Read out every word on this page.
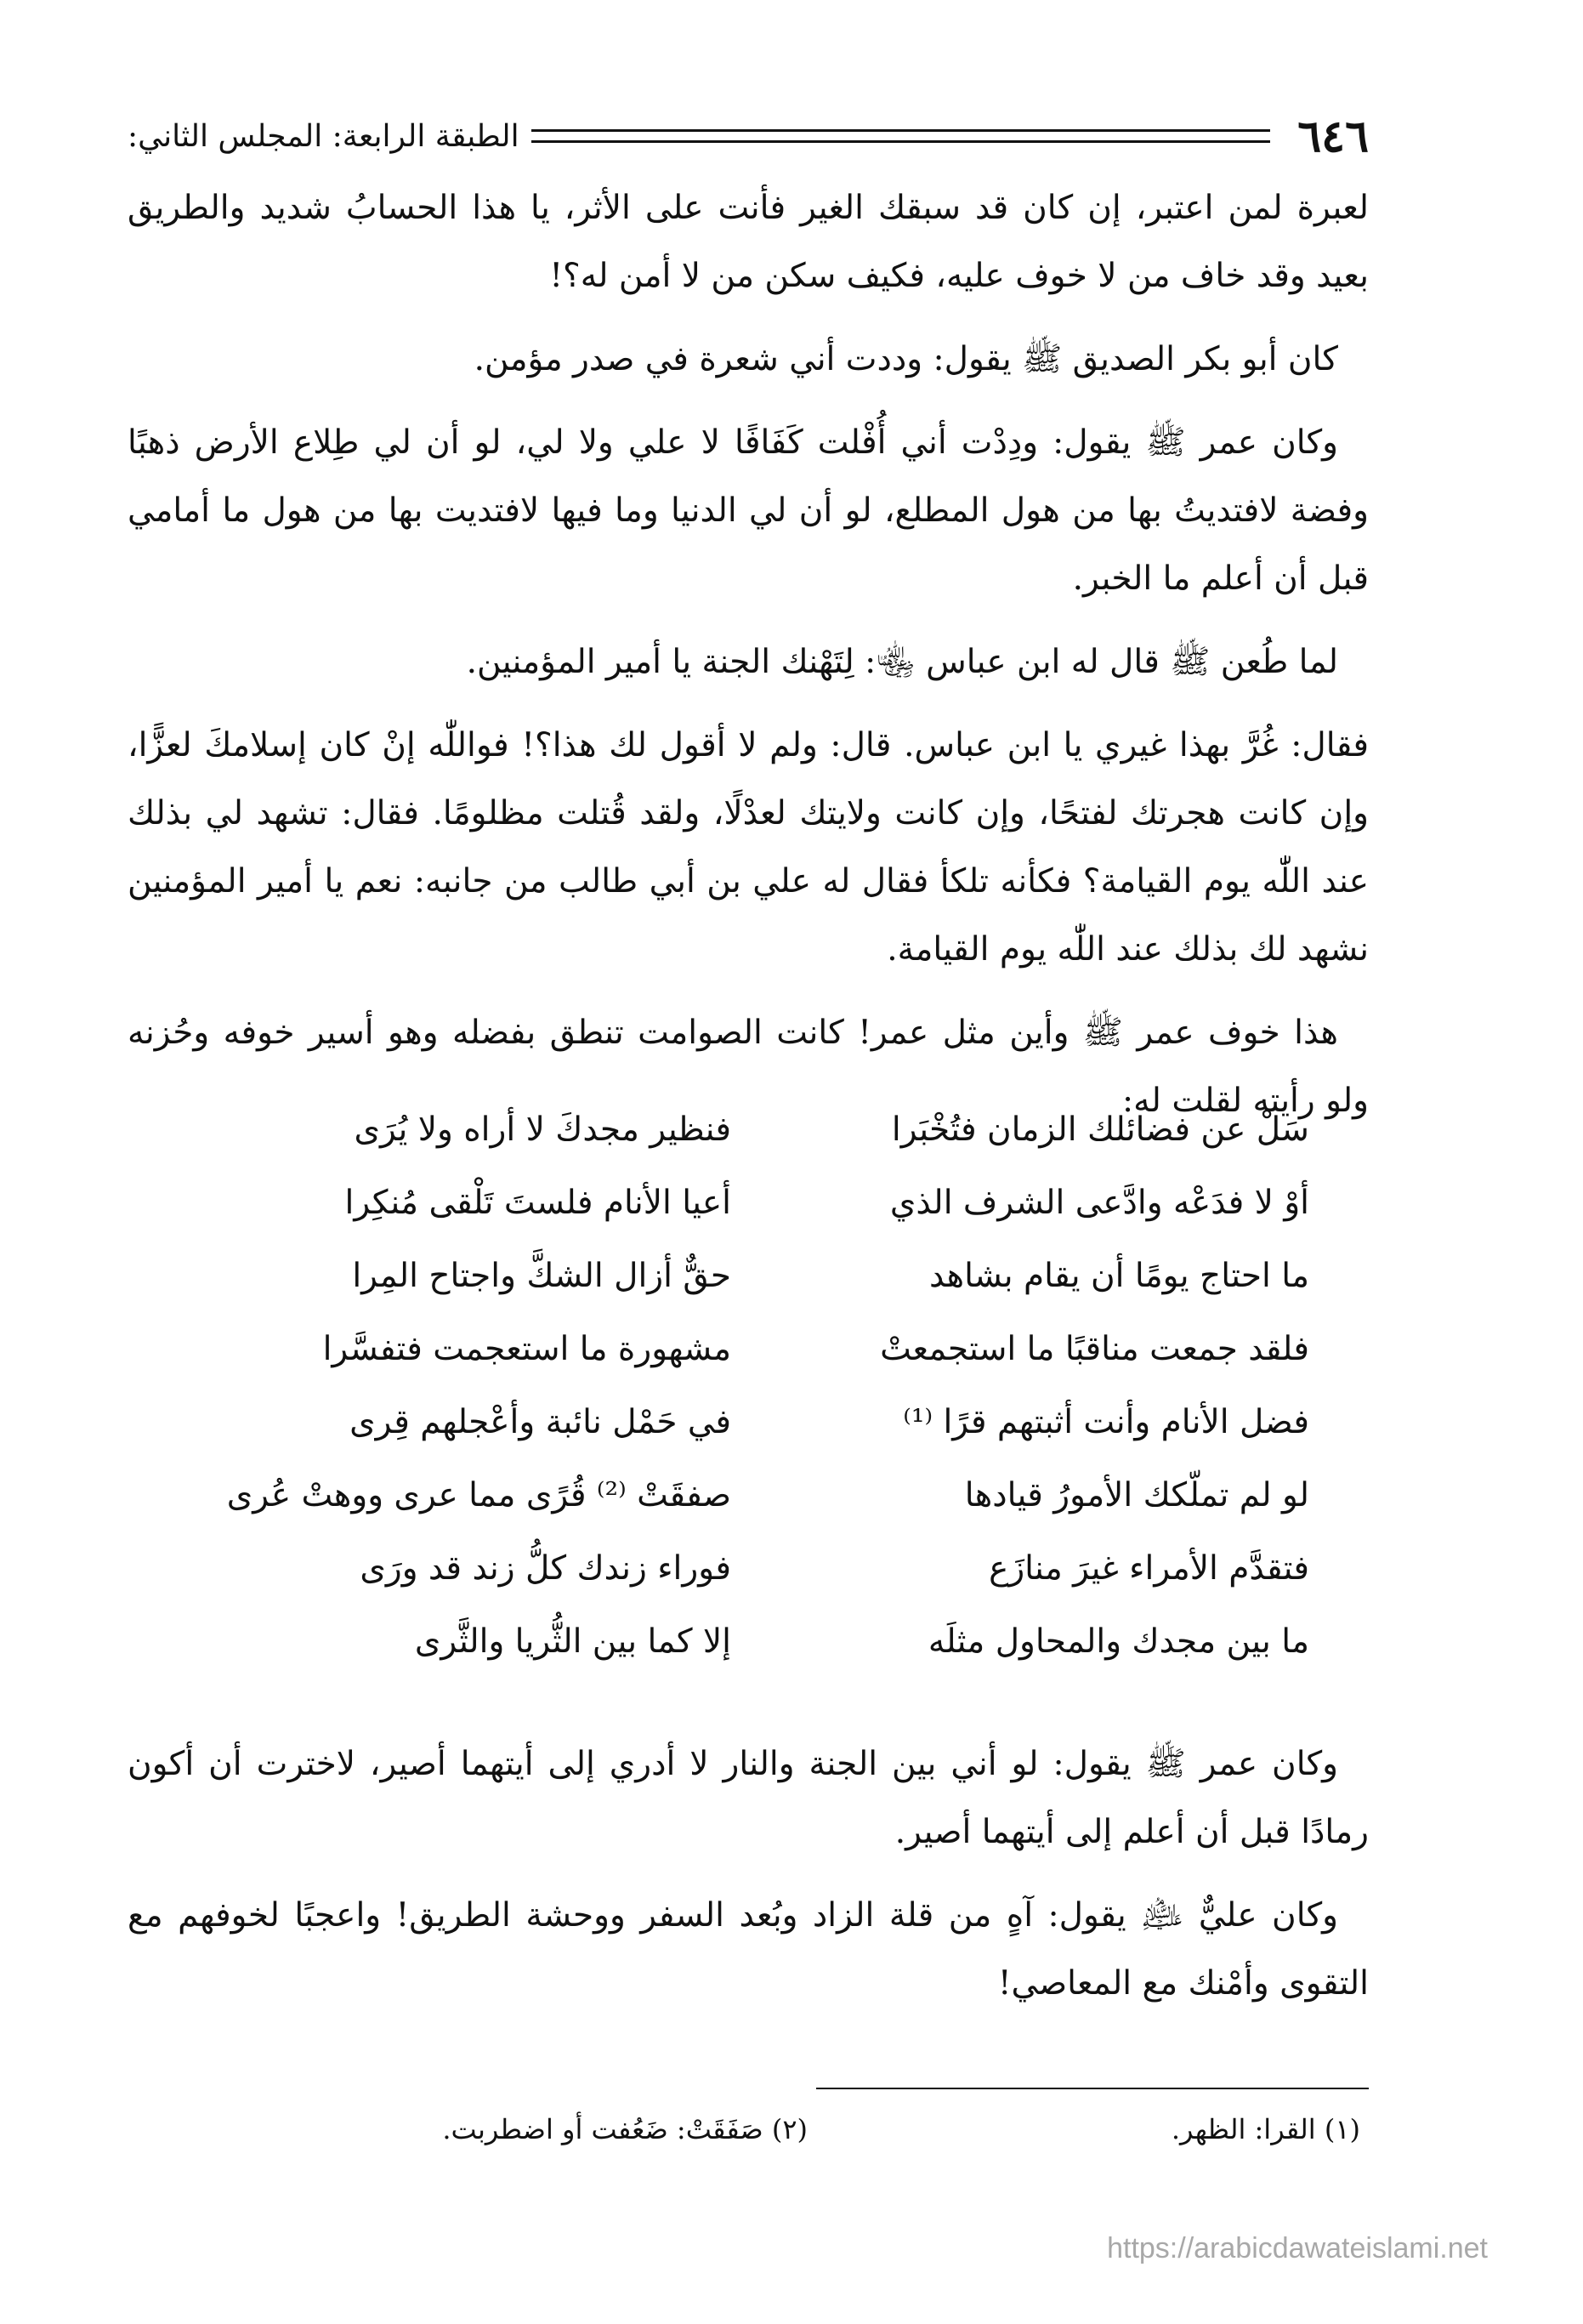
٦٤٦
الطبقة الرابعة: المجلس الثاني:

لعبرة لمن اعتبر، إن كان قد سبقك الغير فأنت على الأثر، يا هذا الحسابُ شديد والطريق بعيد وقد خاف من لا خوف عليه، فكيف سكن من لا أمن له؟!

كان أبو بكر الصديق ﷺ يقول: وددت أني شعرة في صدر مؤمن.

وكان عمر ﷺ يقول: ودِدْت أني أُفْلت كَفَافًا لا علي ولا لي، لو أن لي طِلاع الأرض ذهبًا وفضة لافتديتُ بها من هول المطلع، لو أن لي الدنيا وما فيها لافتديت بها من هول ما أمامي قبل أن أعلم ما الخبر.

لما طُعن ﷺ قال له ابن عباس ﵄: لِتَهْنك الجنة يا أمير المؤمنين.

فقال: غُرَّ بهذا غيري يا ابن عباس. قال: ولم لا أقول لك هذا؟! فواللّٰه إنْ كان إسلامكَ لعزًّا، وإن كانت هجرتك لفتحًا، وإن كانت ولايتك لعدْلًا، ولقد قُتلت مظلومًا. فقال: تشهد لي بذلك عند اللّٰه يوم القيامة؟ فكأنه تلكأ فقال له علي بن أبي طالب من جانبه: نعم يا أمير المؤمنين نشهد لك بذلك عند اللّٰه يوم القيامة.

هذا خوف عمر ﷺ وأين مثل عمر! كانت الصوامت تنطق بفضله وهو أسير خوفه وحُزنه ولو رأيته لقلت له:

سَلْ عن فضائلك الزمان فتُخْبَرا
فنظير مجدكَ لا أراه ولا يُرَى
أوْ لا فدَعْه وادَّعى الشرف الذي
أعيا الأنام فلستَ تَلْقى مُنكِرا
ما احتاج يومًا أن يقام بشاهد
حقٌّ أزال الشكَّ واجتاح المِرا
فلقد جمعت مناقبًا ما استجمعتْ
مشهورة ما استعجمت فتفسَّرا
فضل الأنام وأنت أثبتهم قرًا ⁽¹⁾
في حَمْل نائبة وأعْجلهم قِرى
لو لم تملّكك الأمورُ قيادها
صفقَتْ ⁽²⁾ قُرًى مما عرى ووهتْ عُرى
فتقدَّم الأمراء غيرَ منازَع
فوراء زندك كلُّ زند قد ورَى
ما بين مجدك والمحاول مثلَه
إلا كما بين الثُّريا والثَّرى

وكان عمر ﷺ يقول: لو أني بين الجنة والنار لا أدري إلى أيتهما أصير، لاخترت أن أكون رمادًا قبل أن أعلم إلى أيتهما أصير.

وكان عليٌّ ﵇ يقول: آهٍ من قلة الزاد وبُعد السفر ووحشة الطريق! واعجبًا لخوفهم مع التقوى وأمْنك مع المعاصي!

(١) القرا: الظهر.
(٢) صَفَقَتْ: ضَعُفت أو اضطربت.
https://arabicdawateislami.net
